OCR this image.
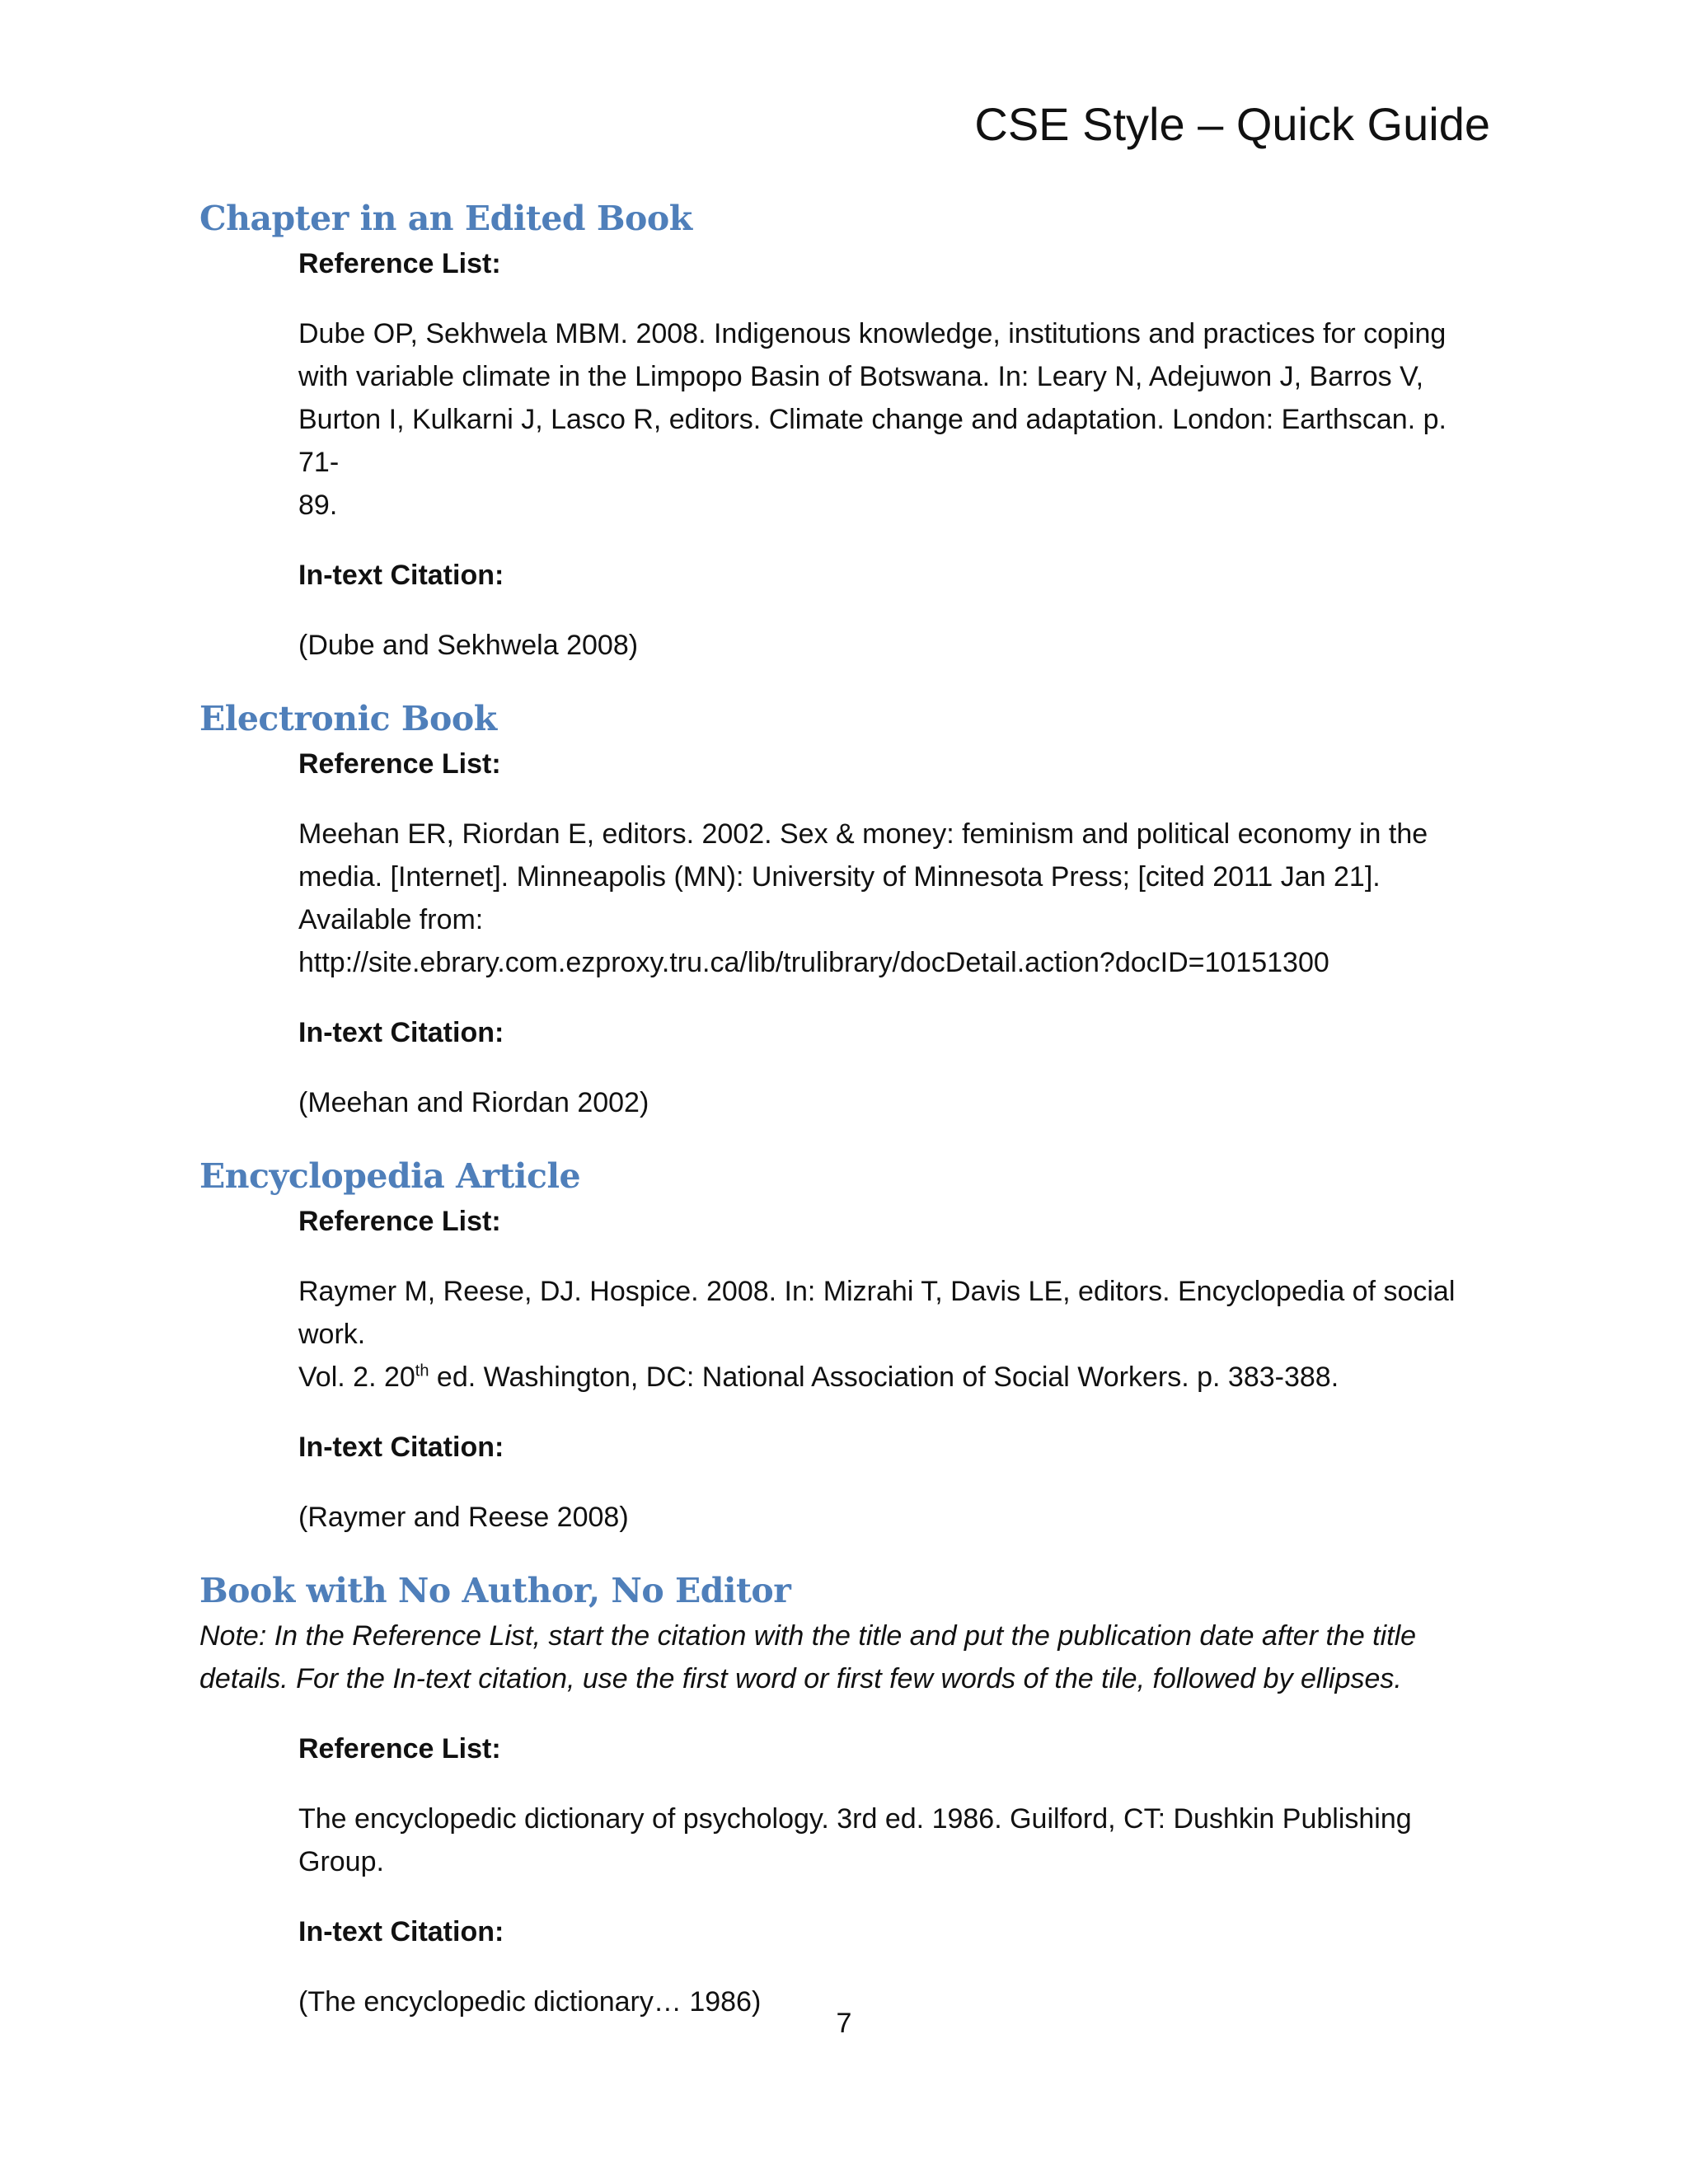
CSE Style – Quick Guide
Chapter in an Edited Book

Reference List:

Dube OP, Sekhwela MBM. 2008. Indigenous knowledge, institutions and practices for coping

with variable climate in the Limpopo Basin of Botswana. In: Leary N, Adejuwon J, Barros V,

Burton I, Kulkarni J, Lasco R, editors. Climate change and adaptation. London: Earthscan. p. 71-

89.

In-text Citation:

(Dube and Sekhwela 2008)

Electronic Book

Reference List:

Meehan ER, Riordan E, editors. 2002. Sex & money: feminism and political economy in the

media. [Internet]. Minneapolis (MN): University of Minnesota Press; [cited 2011 Jan 21].

Available from:

http://site.ebrary.com.ezproxy.tru.ca/lib/trulibrary/docDetail.action?docID=10151300

In-text Citation:

(Meehan and Riordan 2002)

Encyclopedia Article

Reference List:

Raymer M, Reese, DJ. Hospice. 2008. In: Mizrahi T, Davis LE, editors. Encyclopedia of social work.

Vol. 2. 20th ed. Washington, DC: National Association of Social Workers. p. 383-388.

In-text Citation:

(Raymer and Reese 2008)

Book with No Author, No Editor

Note: In the Reference List, start the citation with the title and put the publication date after the title

details. For the In-text citation, use the first word or first few words of the tile, followed by ellipses.

Reference List:

The encyclopedic dictionary of psychology. 3rd ed. 1986. Guilford, CT: Dushkin Publishing

Group.

In-text Citation:

(The encyclopedic dictionary… 1986)

7
